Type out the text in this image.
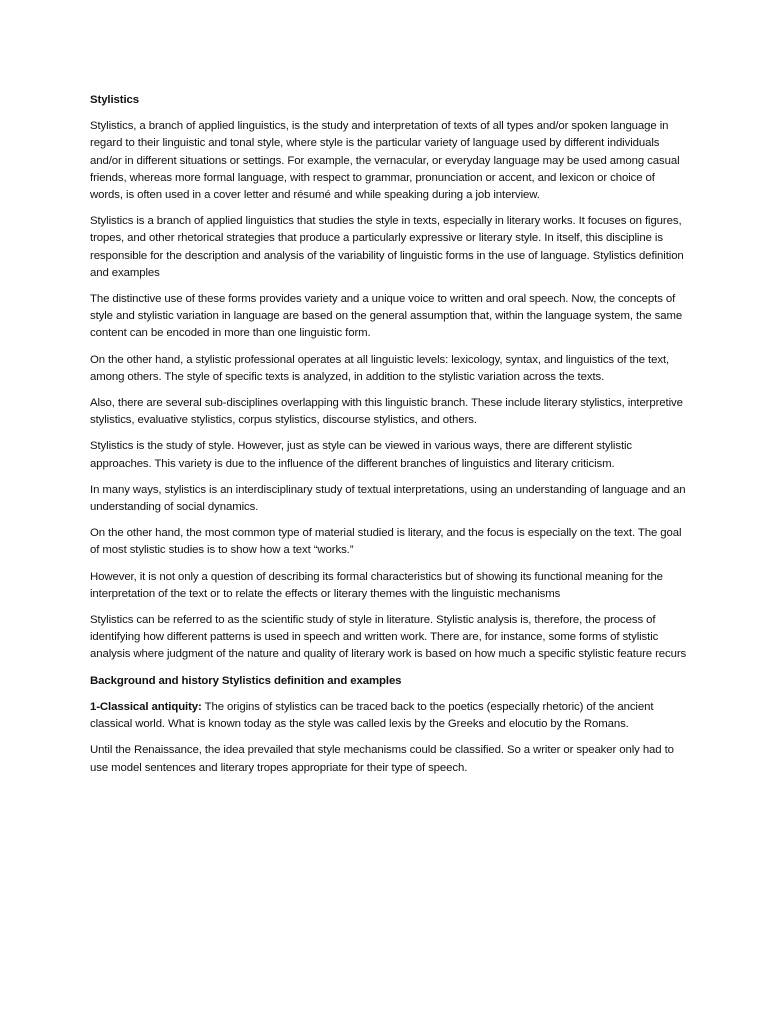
Stylistics

Stylistics, a branch of applied linguistics, is the study and interpretation of texts of all types and/or spoken language in regard to their linguistic and tonal style, where style is the particular variety of language used by different individuals and/or in different situations or settings. For example, the vernacular, or everyday language may be used among casual friends, whereas more formal language, with respect to grammar, pronunciation or accent, and lexicon or choice of words, is often used in a cover letter and résumé and while speaking during a job interview.

Stylistics is a branch of applied linguistics that studies the style in texts, especially in literary works. It focuses on figures, tropes, and other rhetorical strategies that produce a particularly expressive or literary style. In itself, this discipline is responsible for the description and analysis of the variability of linguistic forms in the use of language. Stylistics definition and examples

The distinctive use of these forms provides variety and a unique voice to written and oral speech. Now, the concepts of style and stylistic variation in language are based on the general assumption that, within the language system, the same content can be encoded in more than one linguistic form.

On the other hand, a stylistic professional operates at all linguistic levels: lexicology, syntax, and linguistics of the text, among others. The style of specific texts is analyzed, in addition to the stylistic variation across the texts.

Also, there are several sub-disciplines overlapping with this linguistic branch. These include literary stylistics, interpretive stylistics, evaluative stylistics, corpus stylistics, discourse stylistics, and others.

Stylistics is the study of style. However, just as style can be viewed in various ways, there are different stylistic approaches. This variety is due to the influence of the different branches of linguistics and literary criticism.

In many ways, stylistics is an interdisciplinary study of textual interpretations, using an understanding of language and an understanding of social dynamics.

On the other hand, the most common type of material studied is literary, and the focus is especially on the text. The goal of most stylistic studies is to show how a text “works.”

However, it is not only a question of describing its formal characteristics but of showing its functional meaning for the interpretation of the text or to relate the effects or literary themes with the linguistic mechanisms

Stylistics can be referred to as the scientific study of style in literature. Stylistic analysis is, therefore, the process of identifying how different patterns is used in speech and written work. There are, for instance, some forms of stylistic analysis where judgment of the nature and quality of literary work is based on how much a specific stylistic feature recurs

Background and history Stylistics definition and examples

1-Classical antiquity: The origins of stylistics can be traced back to the poetics (especially rhetoric) of the ancient classical world. What is known today as the style was called lexis by the Greeks and elocutio by the Romans.

Until the Renaissance, the idea prevailed that style mechanisms could be classified. So a writer or speaker only had to use model sentences and literary tropes appropriate for their type of speech.
